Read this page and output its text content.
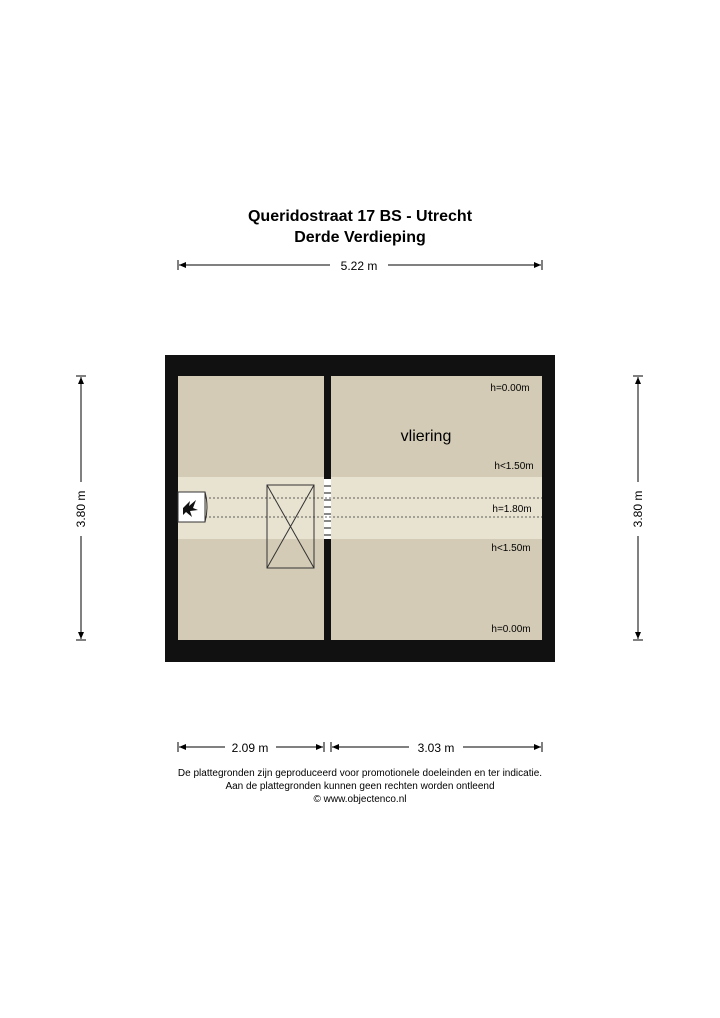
Queridostraat 17 BS - Utrecht
Derde Verdieping
5.22 m
3.80 m	3.80 m
vliering
h=0.00m
h<1.50m
h=1.80m
h<1.50m
h=0.00m
2.09 m	3.03 m
De plattegronden zijn geproduceerd voor promotionele doeleinden en ter indicatie.
Aan de plattegronden kunnen geen rechten worden ontleend
© www.objectenco.nl
